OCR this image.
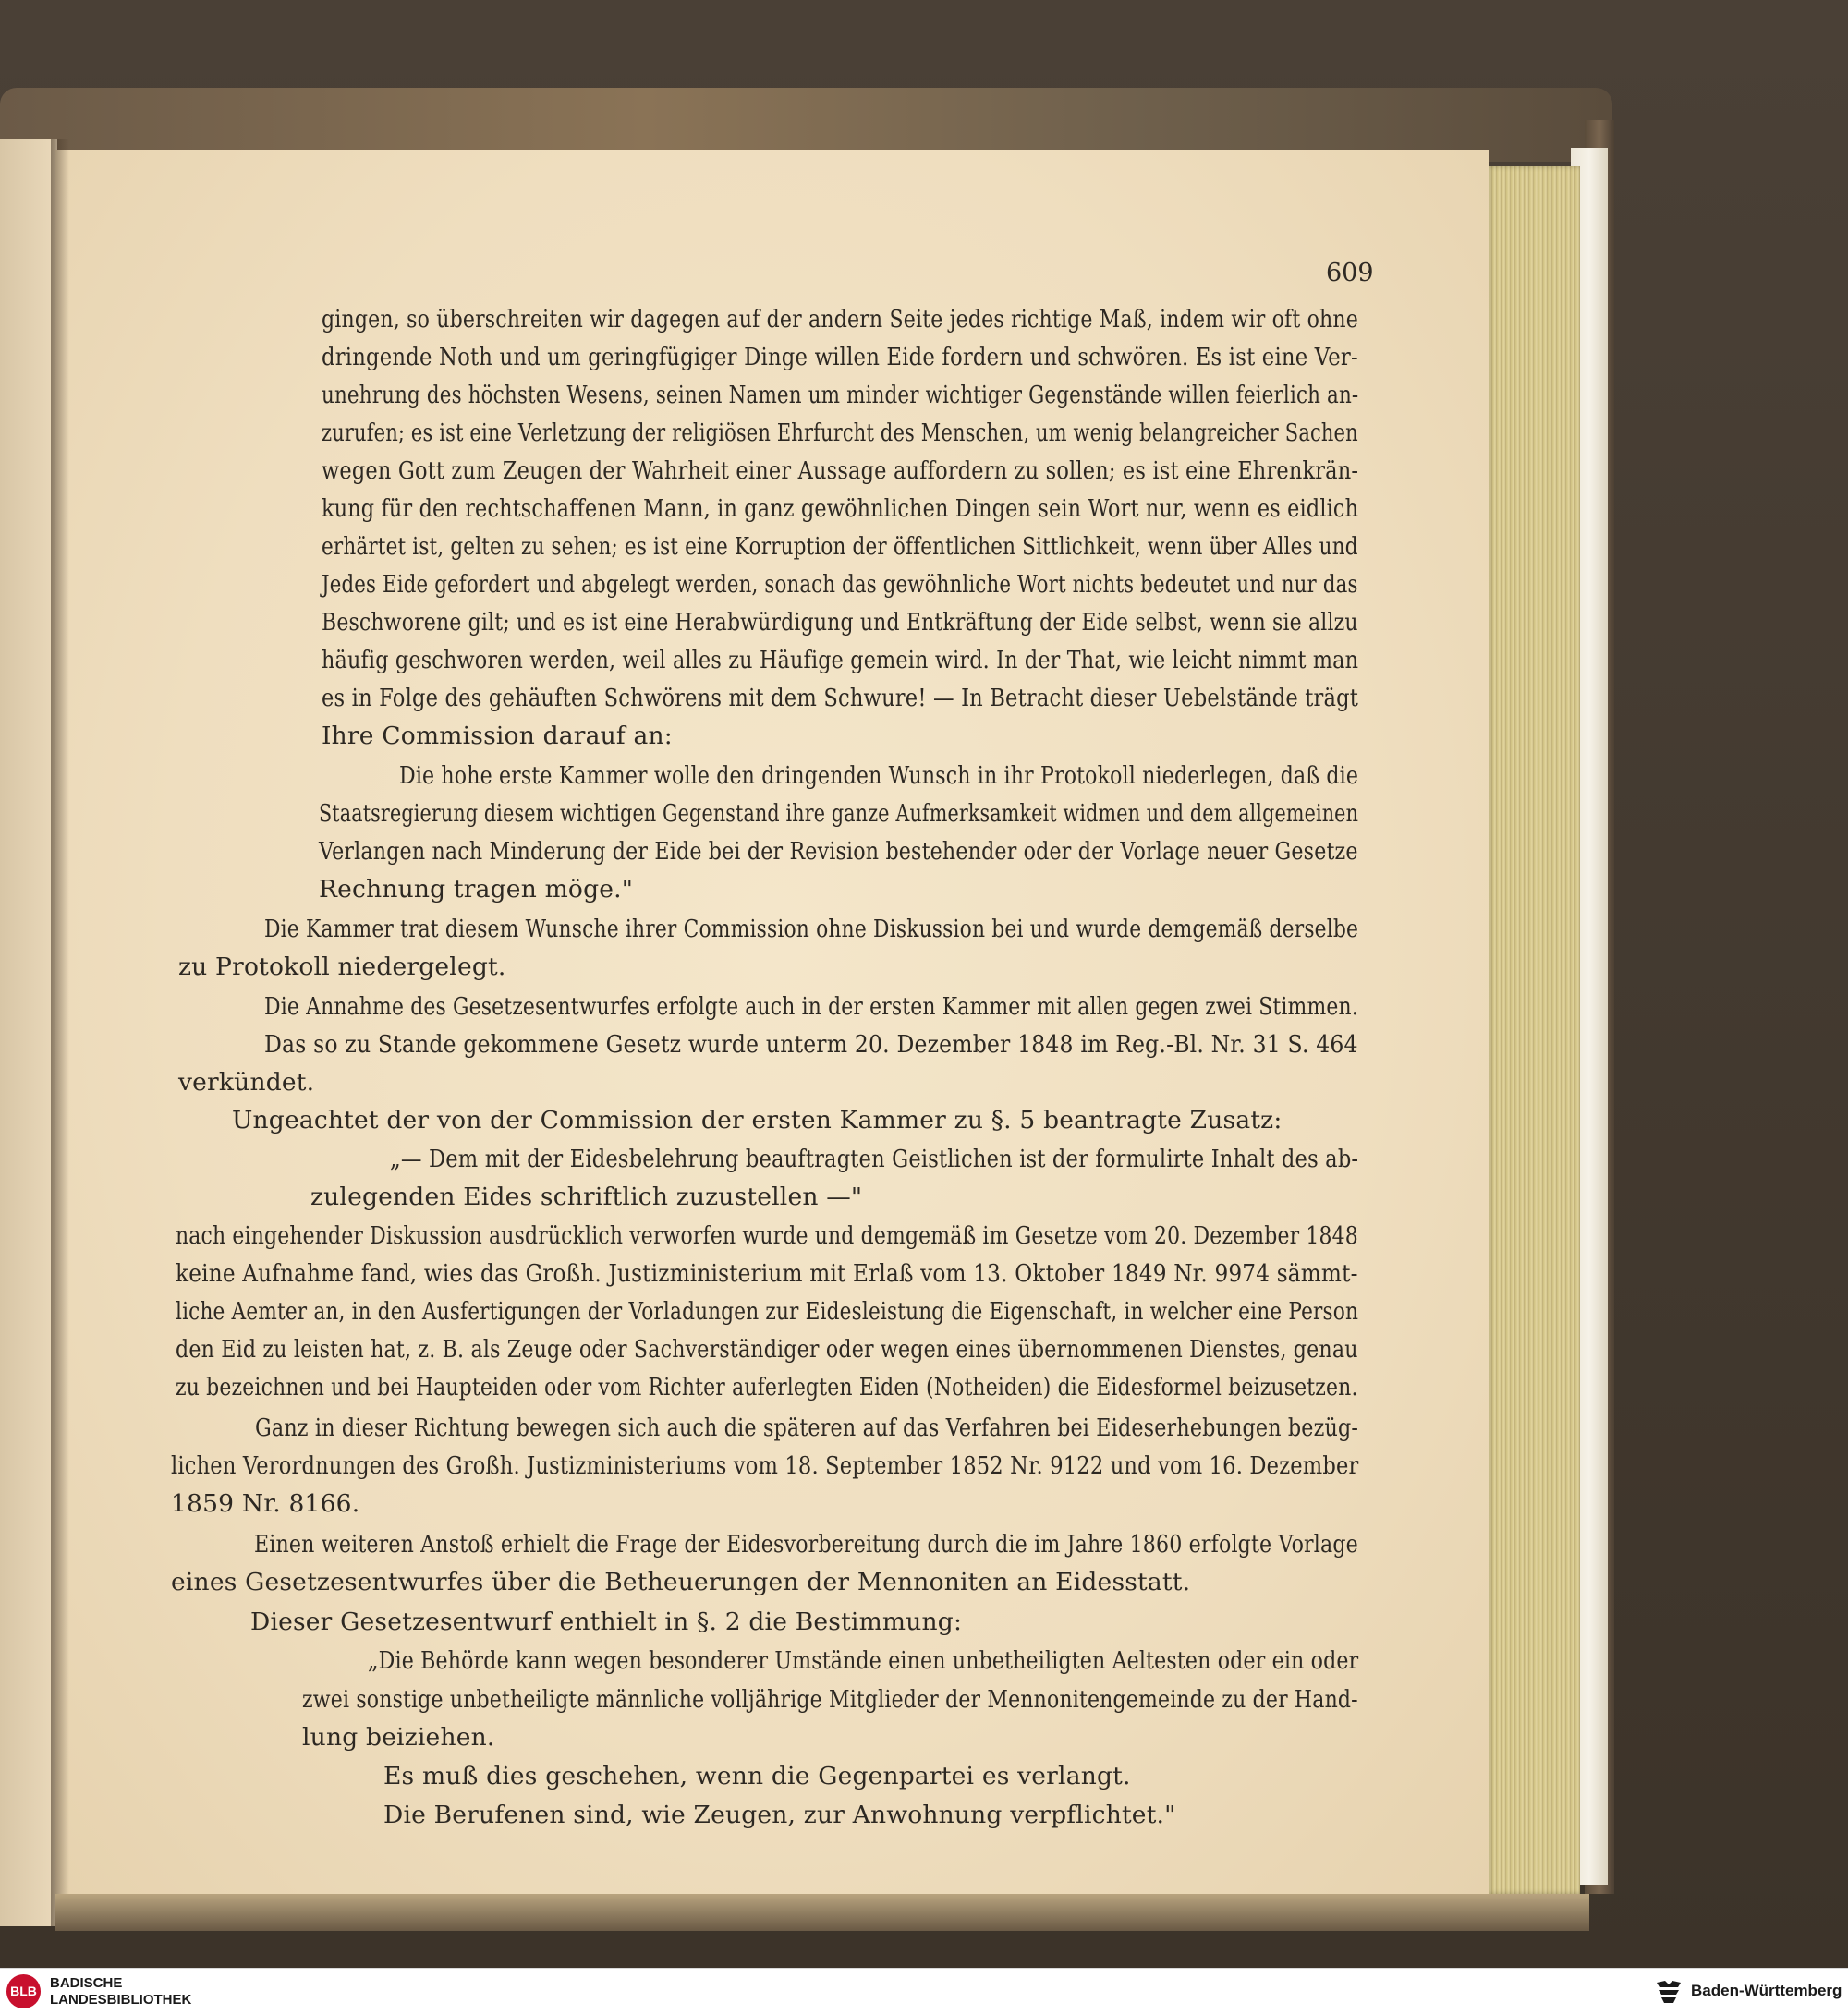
609
gingen, so überschreiten wir dagegen auf der andern Seite jedes richtige Maß, indem wir oft ohne
dringende Noth und um geringfügiger Dinge willen Eide fordern und schwören. Es ist eine Ver-
unehrung des höchsten Wesens, seinen Namen um minder wichtiger Gegenstände willen feierlich an-
zurufen; es ist eine Verletzung der religiösen Ehrfurcht des Menschen, um wenig belangreicher Sachen
wegen Gott zum Zeugen der Wahrheit einer Aussage auffordern zu sollen; es ist eine Ehrenkrän-
kung für den rechtschaffenen Mann, in ganz gewöhnlichen Dingen sein Wort nur, wenn es eidlich
erhärtet ist, gelten zu sehen; es ist eine Korruption der öffentlichen Sittlichkeit, wenn über Alles und
Jedes Eide gefordert und abgelegt werden, sonach das gewöhnliche Wort nichts bedeutet und nur das
Beschworene gilt; und es ist eine Herabwürdigung und Entkräftung der Eide selbst, wenn sie allzu
häufig geschworen werden, weil alles zu Häufige gemein wird. In der That, wie leicht nimmt man
es in Folge des gehäuften Schwörens mit dem Schwure! — In Betracht dieser Uebelstände trägt
Ihre Commission darauf an:
Die hohe erste Kammer wolle den dringenden Wunsch in ihr Protokoll niederlegen, daß die
Staatsregierung diesem wichtigen Gegenstand ihre ganze Aufmerksamkeit widmen und dem allgemeinen
Verlangen nach Minderung der Eide bei der Revision bestehender oder der Vorlage neuer Gesetze
Rechnung tragen möge."
Die Kammer trat diesem Wunsche ihrer Commission ohne Diskussion bei und wurde demgemäß derselbe
zu Protokoll niedergelegt.
Die Annahme des Gesetzesentwurfes erfolgte auch in der ersten Kammer mit allen gegen zwei Stimmen.
Das so zu Stande gekommene Gesetz wurde unterm 20. Dezember 1848 im Reg.-Bl. Nr. 31 S. 464
verkündet.
Ungeachtet der von der Commission der ersten Kammer zu §. 5 beantragte Zusatz:
„— Dem mit der Eidesbelehrung beauftragten Geistlichen ist der formulirte Inhalt des ab-
zulegenden Eides schriftlich zuzustellen —"
nach eingehender Diskussion ausdrücklich verworfen wurde und demgemäß im Gesetze vom 20. Dezember 1848
keine Aufnahme fand, wies das Großh. Justizministerium mit Erlaß vom 13. Oktober 1849 Nr. 9974 sämmt-
liche Aemter an, in den Ausfertigungen der Vorladungen zur Eidesleistung die Eigenschaft, in welcher eine Person
den Eid zu leisten hat, z. B. als Zeuge oder Sachverständiger oder wegen eines übernommenen Dienstes, genau
zu bezeichnen und bei Haupteiden oder vom Richter auferlegten Eiden (Notheiden) die Eidesformel beizusetzen.
Ganz in dieser Richtung bewegen sich auch die späteren auf das Verfahren bei Eideserhebungen bezüg-
lichen Verordnungen des Großh. Justizministeriums vom 18. September 1852 Nr. 9122 und vom 16. Dezember
1859 Nr. 8166.
Einen weiteren Anstoß erhielt die Frage der Eidesvorbereitung durch die im Jahre 1860 erfolgte Vorlage
eines Gesetzesentwurfes über die Betheuerungen der Mennoniten an Eidesstatt.
Dieser Gesetzesentwurf enthielt in §. 2 die Bestimmung:
„Die Behörde kann wegen besonderer Umstände einen unbetheiligten Aeltesten oder ein oder
zwei sonstige unbetheiligte männliche volljährige Mitglieder der Mennonitengemeinde zu der Hand-
lung beiziehen.
Es muß dies geschehen, wenn die Gegenpartei es verlangt.
Die Berufenen sind, wie Zeugen, zur Anwohnung verpflichtet."
BLB BADISCHE
LANDESBIBLIOTHEK
Baden-Württemberg
